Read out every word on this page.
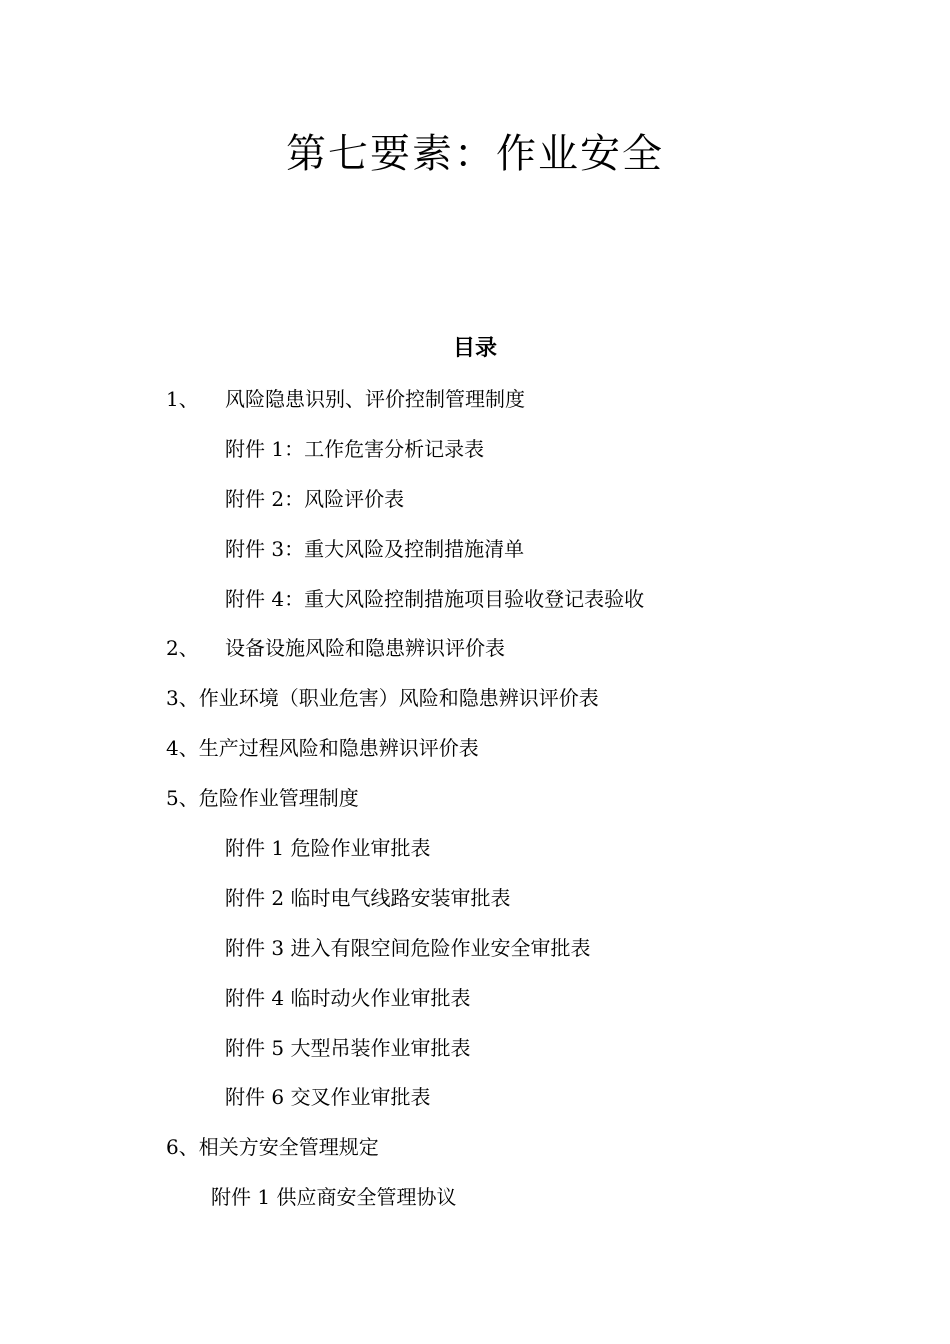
第七要素：作业安全
目录
1、 风险隐患识别、评价控制管理制度
附件 1：工作危害分析记录表
附件 2：风险评价表
附件 3：重大风险及控制措施清单
附件 4：重大风险控制措施项目验收登记表验收
2、 设备设施风险和隐患辨识评价表
3、作业环境（职业危害）风险和隐患辨识评价表
4、生产过程风险和隐患辨识评价表
5、危险作业管理制度
附件 1 危险作业审批表
附件 2 临时电气线路安装审批表
附件 3 进入有限空间危险作业安全审批表
附件 4 临时动火作业审批表
附件 5 大型吊装作业审批表
附件 6 交叉作业审批表
6、相关方安全管理规定
附件 1 供应商安全管理协议
